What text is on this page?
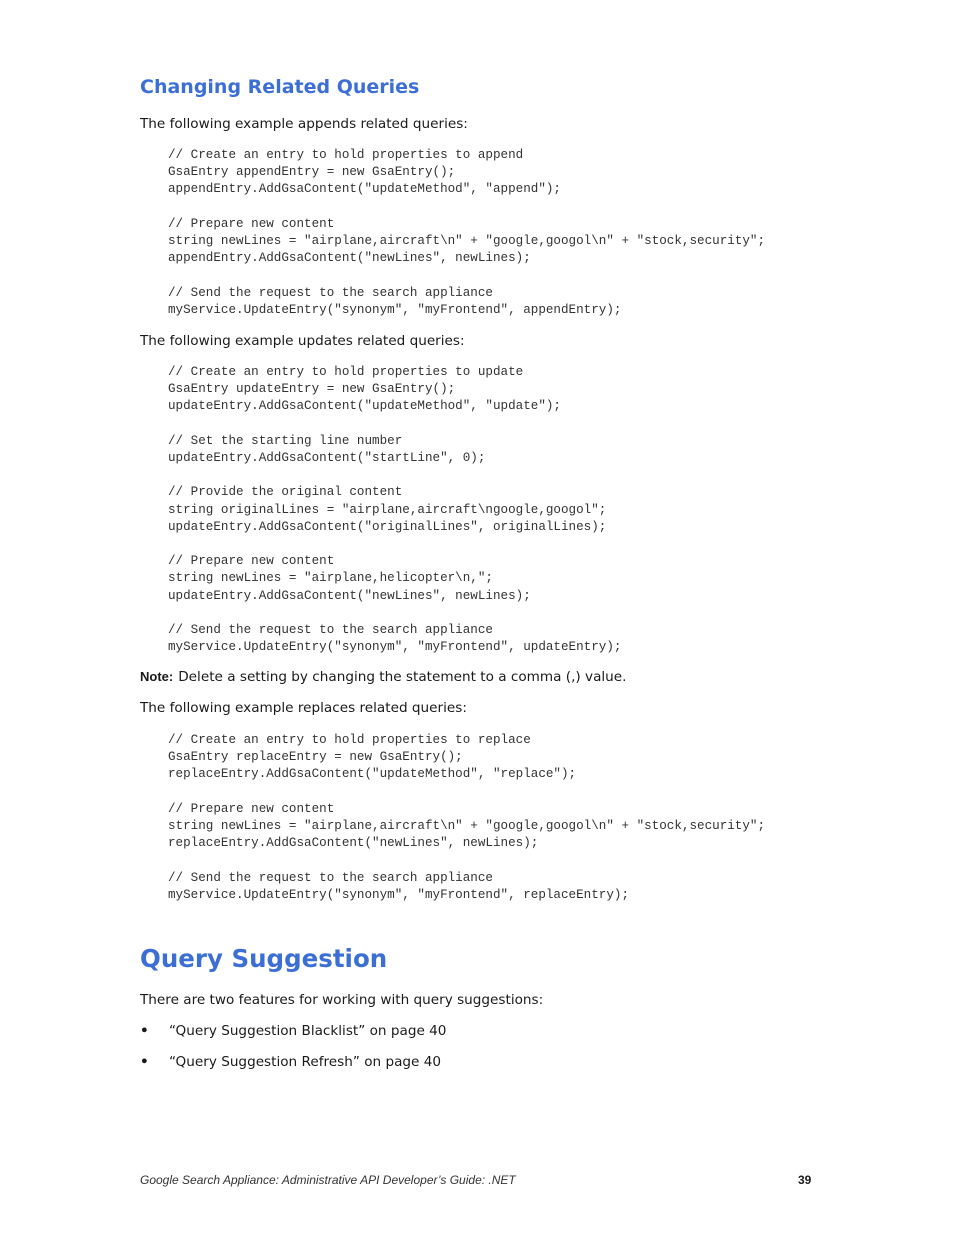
Changing Related Queries

The following example appends related queries:

// Create an entry to hold properties to append
GsaEntry appendEntry = new GsaEntry();
appendEntry.AddGsaContent("updateMethod", "append");

// Prepare new content
string newLines = "airplane,aircraft\n" + "google,googol\n" + "stock,security";
appendEntry.AddGsaContent("newLines", newLines);

// Send the request to the search appliance
myService.UpdateEntry("synonym", "myFrontend", appendEntry);

The following example updates related queries:

// Create an entry to hold properties to update
GsaEntry updateEntry = new GsaEntry();
updateEntry.AddGsaContent("updateMethod", "update");

// Set the starting line number
updateEntry.AddGsaContent("startLine", 0);

// Provide the original content
string originalLines = "airplane,aircraft\ngoogle,googol";
updateEntry.AddGsaContent("originalLines", originalLines);

// Prepare new content
string newLines = "airplane,helicopter\n,";
updateEntry.AddGsaContent("newLines", newLines);

// Send the request to the search appliance
myService.UpdateEntry("synonym", "myFrontend", updateEntry);

Note: Delete a setting by changing the statement to a comma (,) value.

The following example replaces related queries:

// Create an entry to hold properties to replace
GsaEntry replaceEntry = new GsaEntry();
replaceEntry.AddGsaContent("updateMethod", "replace");

// Prepare new content
string newLines = "airplane,aircraft\n" + "google,googol\n" + "stock,security";
replaceEntry.AddGsaContent("newLines", newLines);

// Send the request to the search appliance
myService.UpdateEntry("synonym", "myFrontend", replaceEntry);
Query Suggestion

There are two features for working with query suggestions:

• “Query Suggestion Blacklist” on page 40
• “Query Suggestion Refresh” on page 40
Google Search Appliance: Administrative API Developer’s Guide: .NET	39
